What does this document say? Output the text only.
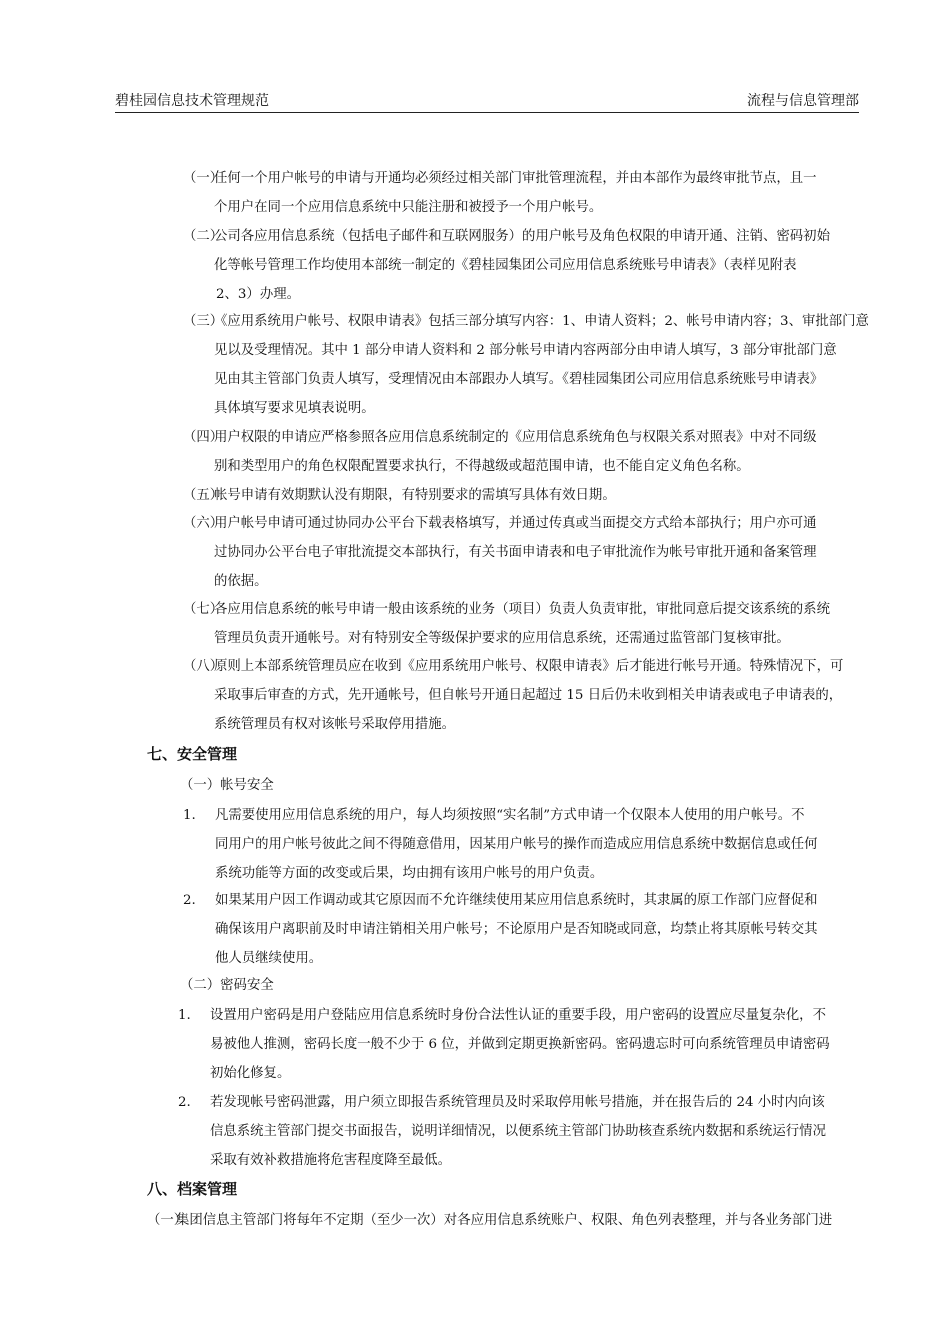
碧桂园信息技术管理规范	流程与信息管理部
（一）
任何一个用户帐号的申请与开通均必须经过相关部门审批管理流程，并由本部作为最终审批节点，且一
个用户在同一个应用信息系统中只能注册和被授予一个用户帐号。
（二）
公司各应用信息系统（包括电子邮件和互联网服务）的用户帐号及角色权限的申请开通、注销、密码初始
化等帐号管理工作均使用本部统一制定的《碧桂园集团公司应用信息系统账号申请表》（表样见附表
2、3）办理。
（三）
《应用系统用户帐号、权限申请表》包括三部分填写内容：1、申请人资料；2、帐号申请内容；3、审批部门意
见以及受理情况。其中 1 部分申请人资料和 2 部分帐号申请内容两部分由申请人填写，3 部分审批部门意
见由其主管部门负责人填写，受理情况由本部跟办人填写。《碧桂园集团公司应用信息系统账号申请表》
具体填写要求见填表说明。
（四）
用户权限的申请应严格参照各应用信息系统制定的《应用信息系统角色与权限关系对照表》中对不同级
别和类型用户的角色权限配置要求执行，不得越级或超范围申请，也不能自定义角色名称。
（五）
帐号申请有效期默认没有期限，有特别要求的需填写具体有效日期。
（六）
用户帐号申请可通过协同办公平台下载表格填写，并通过传真或当面提交方式给本部执行；用户亦可通
过协同办公平台电子审批流提交本部执行，有关书面申请表和电子审批流作为帐号审批开通和备案管理
的依据。
（七）
各应用信息系统的帐号申请一般由该系统的业务（项目）负责人负责审批，审批同意后提交该系统的系统
管理员负责开通帐号。对有特别安全等级保护要求的应用信息系统，还需通过监管部门复核审批。
（八）
原则上本部系统管理员应在收到《应用系统用户帐号、权限申请表》后才能进行帐号开通。特殊情况下，可
采取事后审查的方式，先开通帐号，但自帐号开通日起超过 15 日后仍未收到相关申请表或电子申请表的，
系统管理员有权对该帐号采取停用措施。
七、安全管理
（一）帐号安全
1. 凡需要使用应用信息系统的用户，每人均须按照“实名制”方式申请一个仅限本人使用的用户帐号。不
同用户的用户帐号彼此之间不得随意借用，因某用户帐号的操作而造成应用信息系统中数据信息或任何
系统功能等方面的改变或后果，均由拥有该用户帐号的用户负责。
2. 如果某用户因工作调动或其它原因而不允许继续使用某应用信息系统时，其隶属的原工作部门应督促和
确保该用户离职前及时申请注销相关用户帐号；不论原用户是否知晓或同意，均禁止将其原帐号转交其
他人员继续使用。
（二）密码安全
1. 设置用户密码是用户登陆应用信息系统时身份合法性认证的重要手段，用户密码的设置应尽量复杂化，不
易被他人推测，密码长度一般不少于 6 位，并做到定期更换新密码。密码遗忘时可向系统管理员申请密码
初始化修复。
2. 若发现帐号密码泄露，用户须立即报告系统管理员及时采取停用帐号措施，并在报告后的 24 小时内向该
信息系统主管部门提交书面报告，说明详细情况，以便系统主管部门协助核查系统内数据和系统运行情况
采取有效补救措施将危害程度降至最低。
八、档案管理
（一）
集团信息主管部门将每年不定期（至少一次）对各应用信息系统账户、权限、角色列表整理，并与各业务部门进
